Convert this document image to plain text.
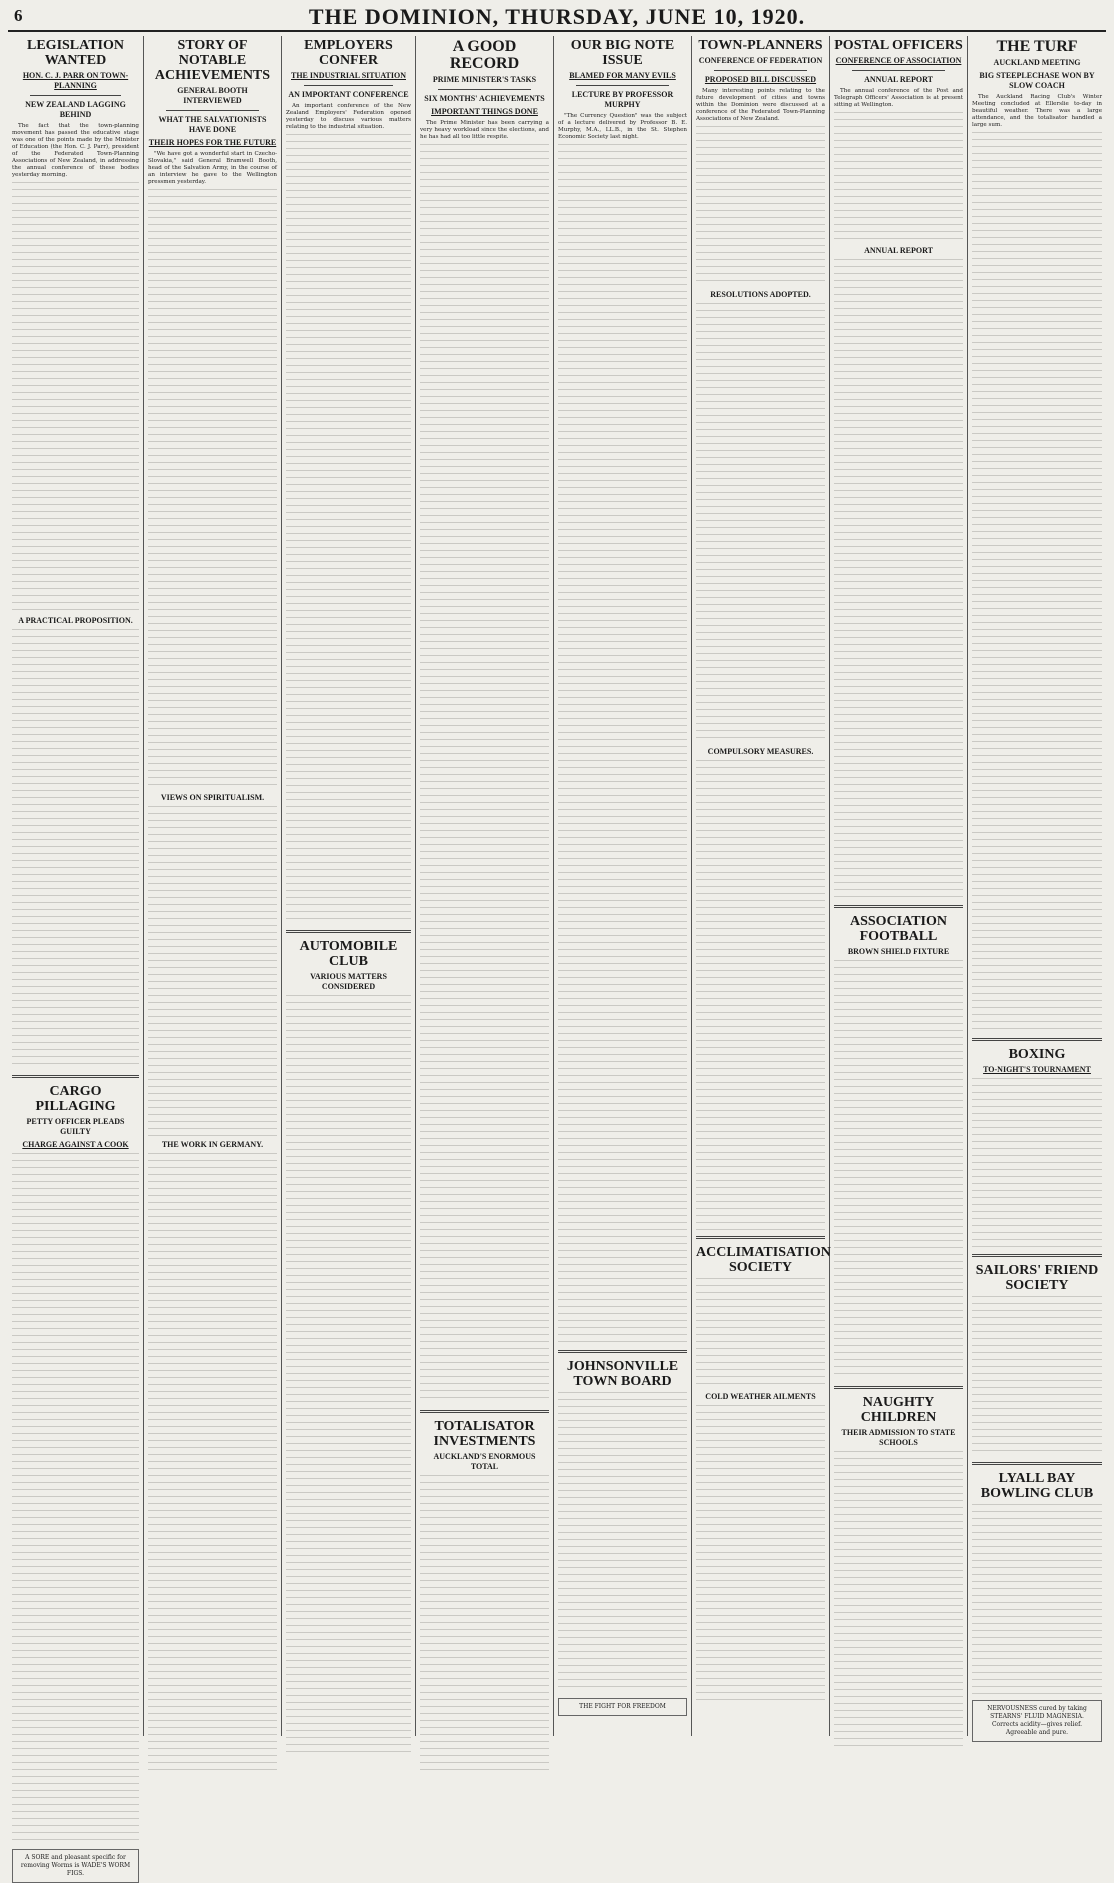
6	THE DOMINION, THURSDAY, JUNE 10, 1920.
LEGISLATION WANTED
HON. C. J. PARR ON TOWN-PLANNING
NEW ZEALAND LAGGING BEHIND

The fact that the town-planning movement has passed the educative stage was one of the points made by the Minister of Education (the Hon. C. J. Parr), president of the Federated Town-Planning Associations of New Zealand, in addressing the annual conference of these bodies yesterday morning.

A PRACTICAL PROPOSITION.
CARGO PILLAGING
PETTY OFFICER PLEADS GUILTY
CHARGE AGAINST A COOK
A SORE and pleasant specific for removing Worms is WADE'S WORM FIGS.
STORY OF NOTABLE ACHIEVEMENTS
GENERAL BOOTH INTERVIEWED
WHAT THE SALVATIONISTS HAVE DONE
THEIR HOPES FOR THE FUTURE

"We have got a wonderful start in Czecho-Slovakia," said General Bramwell Booth, head of the Salvation Army, in the course of an interview he gave to the Wellington pressmen yesterday.

VIEWS ON SPIRITUALISM.
THE WORK IN GERMANY.
EMPLOYERS CONFER
THE INDUSTRIAL SITUATION
AN IMPORTANT CONFERENCE

An important conference of the New Zealand Employers' Federation opened yesterday to discuss various matters relating to the industrial situation.

AUTOMOBILE CLUB
VARIOUS MATTERS CONSIDERED
A GOOD RECORD
PRIME MINISTER'S TASKS
SIX MONTHS' ACHIEVEMENTS
IMPORTANT THINGS DONE

The Prime Minister has been carrying a very heavy workload since the elections, and he has had all too little respite.

TOTALISATOR INVESTMENTS
AUCKLAND'S ENORMOUS TOTAL
OUR BIG NOTE ISSUE
BLAMED FOR MANY EVILS
LECTURE BY PROFESSOR MURPHY

"The Currency Question" was the subject of a lecture delivered by Professor B. E. Murphy, M.A., LL.B., in the St. Stephen Economic Society last night.

JOHNSONVILLE TOWN BOARD
THE FIGHT FOR FREEDOM
TOWN-PLANNERS
CONFERENCE OF FEDERATION
PROPOSED BILL DISCUSSED

Many interesting points relating to the future development of cities and towns within the Dominion were discussed at a conference of the Federated Town-Planning Associations of New Zealand.

RESOLUTIONS ADOPTED.
COMPULSORY MEASURES.
ACCLIMATISATION SOCIETY
COLD WEATHER AILMENTS
POSTAL OFFICERS
CONFERENCE OF ASSOCIATION
ANNUAL REPORT

The annual conference of the Post and Telegraph Officers' Association is at present sitting at Wellington.

ANNUAL REPORT
ASSOCIATION FOOTBALL
BROWN SHIELD FIXTURE
NAUGHTY CHILDREN
THEIR ADMISSION TO STATE SCHOOLS
THE TURF
AUCKLAND MEETING
BIG STEEPLECHASE WON BY SLOW COACH

The Auckland Racing Club's Winter Meeting concluded at Ellerslie to-day in beautiful weather. There was a large attendance, and the totalisator handled a large sum.

BOXING
TO-NIGHT'S TOURNAMENT
SAILORS' FRIEND SOCIETY
LYALL BAY BOWLING CLUB
NERVOUSNESS cured by taking STEARNS' FLUID MAGNESIA. Corrects acidity—gives relief. Agreeable and pure.
